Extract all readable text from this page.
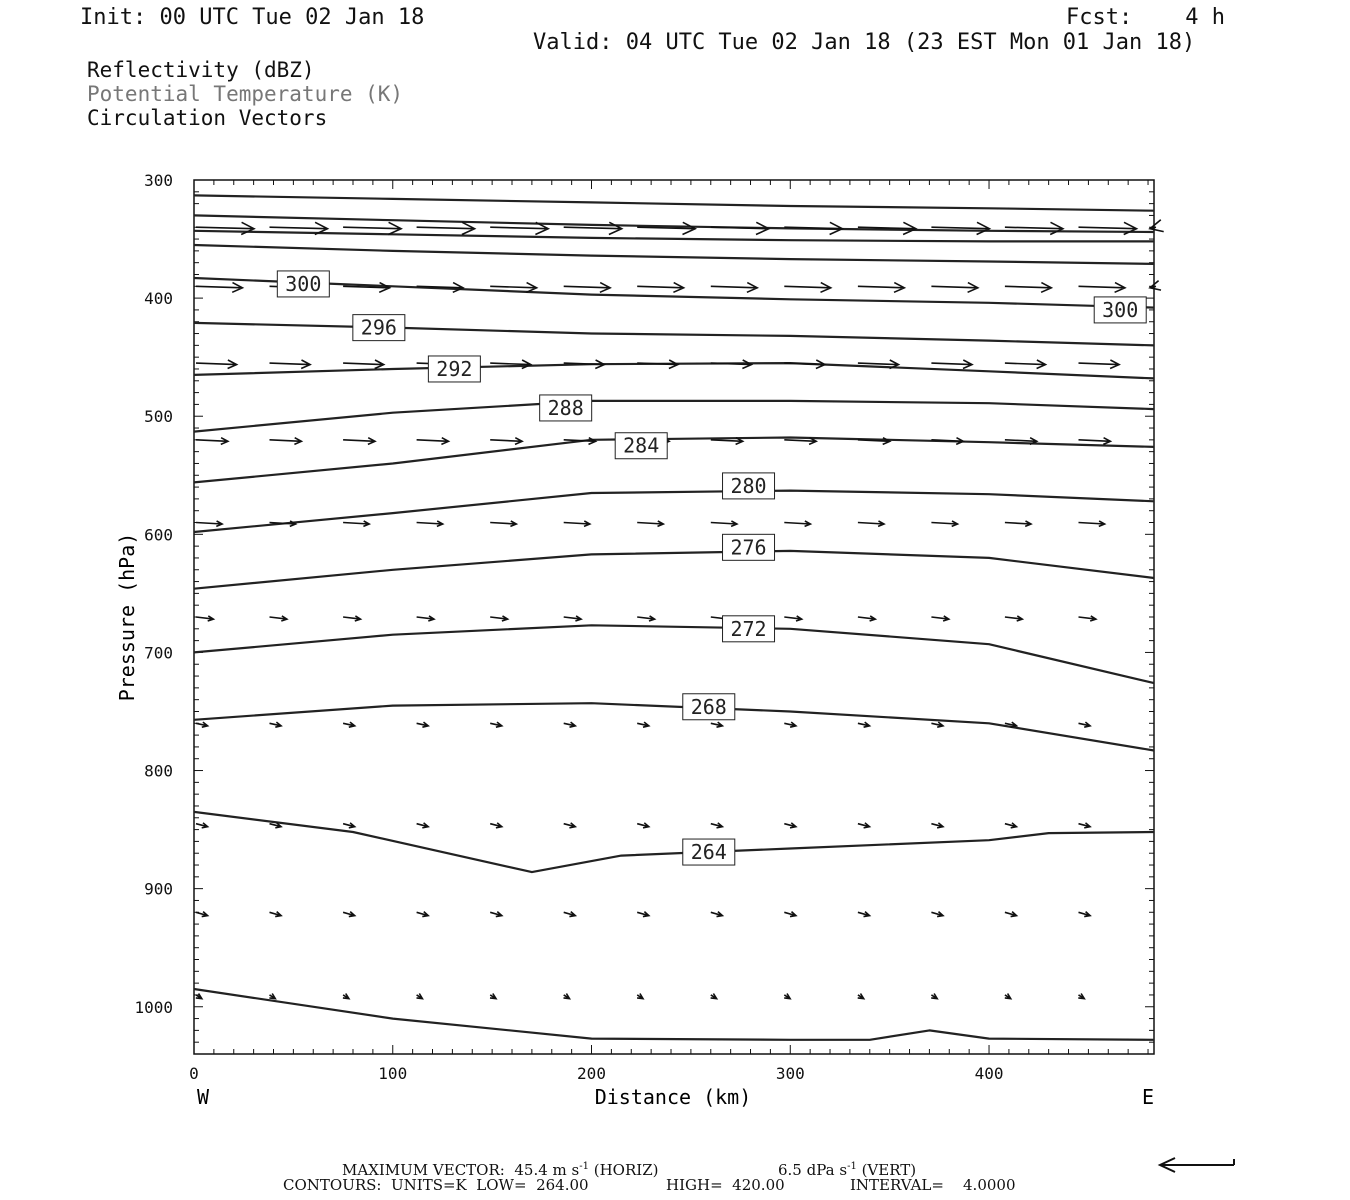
Init: 00 UTC Tue 02 Jan 18	Fcst:    4 h
Valid: 04 UTC Tue 02 Jan 18 (23 EST Mon 01 Jan 18)
Reflectivity (dBZ)
Potential Temperature (K)
Circulation Vectors
300
400
500
600
700
800
900
1000
0	100	200	300	400
300
296
292
288
284
280
276
272
268
264
300
Distance (km)
Pressure (hPa)
W	E
MAXIMUM VECTOR:  45.4 m $s^{-1}$ (HORIZ)	6.5 dPa $s^{-1}$ (VERT)
CONTOURS:  UNITS=K  LOW=  264.00	HIGH=  420.00	INTERVAL=    4.0000
